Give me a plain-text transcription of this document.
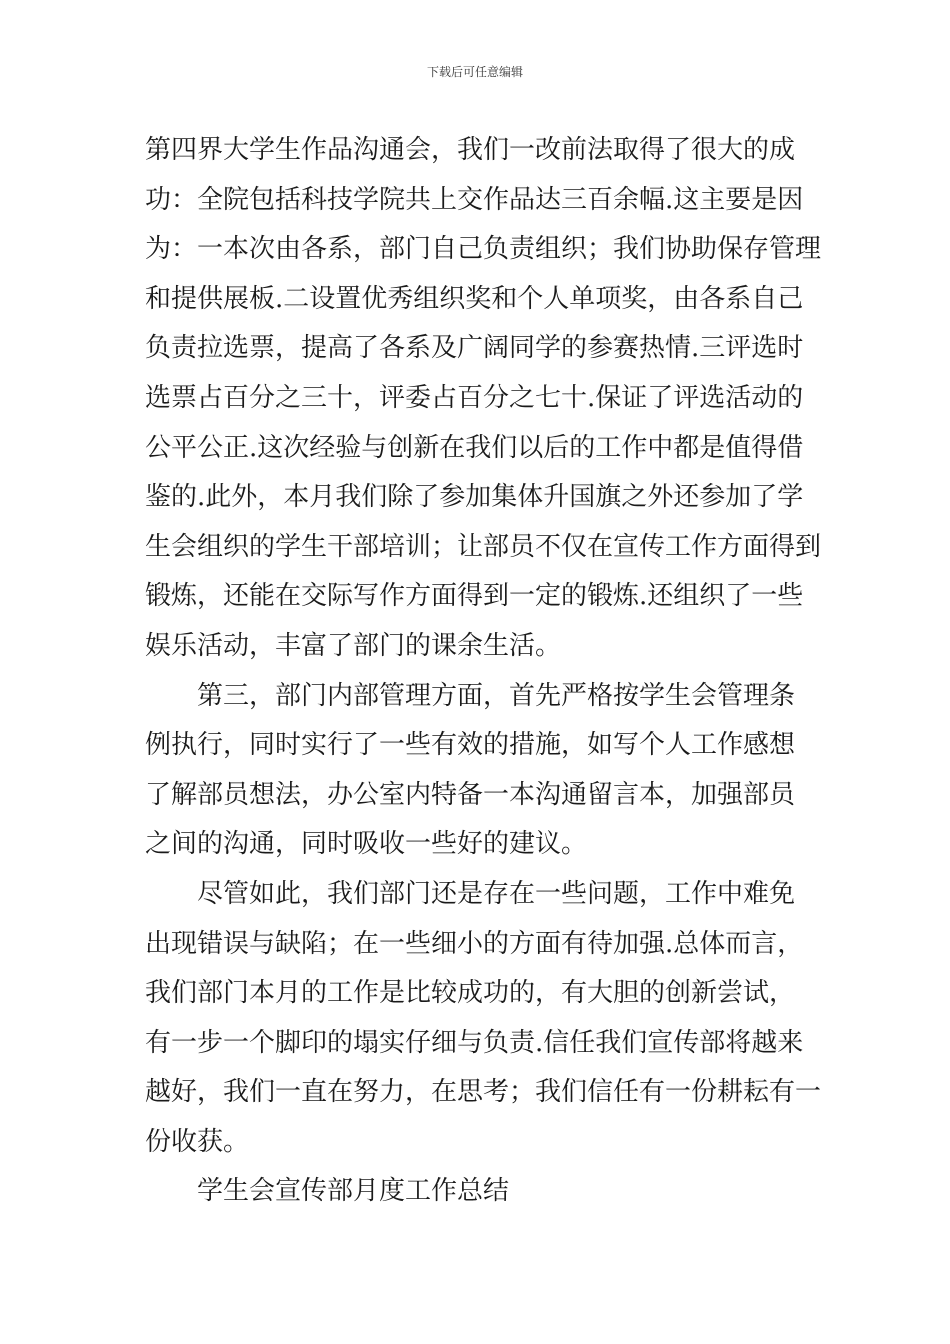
下载后可任意编辑

第四界大学生作品沟通会，我们一改前法取得了很大的成
功：全院包括科技学院共上交作品达三百余幅.这主要是因
为：一本次由各系，部门自己负责组织；我们协助保存管理
和提供展板.二设置优秀组织奖和个人单项奖，由各系自己
负责拉选票，提高了各系及广阔同学的参赛热情.三评选时
选票占百分之三十，评委占百分之七十.保证了评选活动的
公平公正.这次经验与创新在我们以后的工作中都是值得借
鉴的.此外，本月我们除了参加集体升国旗之外还参加了学
生会组织的学生干部培训；让部员不仅在宣传工作方面得到
锻炼，还能在交际写作方面得到一定的锻炼.还组织了一些
娱乐活动，丰富了部门的课余生活。

第三，部门内部管理方面，首先严格按学生会管理条
例执行，同时实行了一些有效的措施，如写个人工作感想
了解部员想法，办公室内特备一本沟通留言本，加强部员
之间的沟通，同时吸收一些好的建议。

尽管如此，我们部门还是存在一些问题，工作中难免
出现错误与缺陷；在一些细小的方面有待加强.总体而言，
我们部门本月的工作是比较成功的，有大胆的创新尝试，
有一步一个脚印的塌实仔细与负责.信任我们宣传部将越来
越好，我们一直在努力，在思考；我们信任有一份耕耘有一
份收获。

学生会宣传部月度工作总结
